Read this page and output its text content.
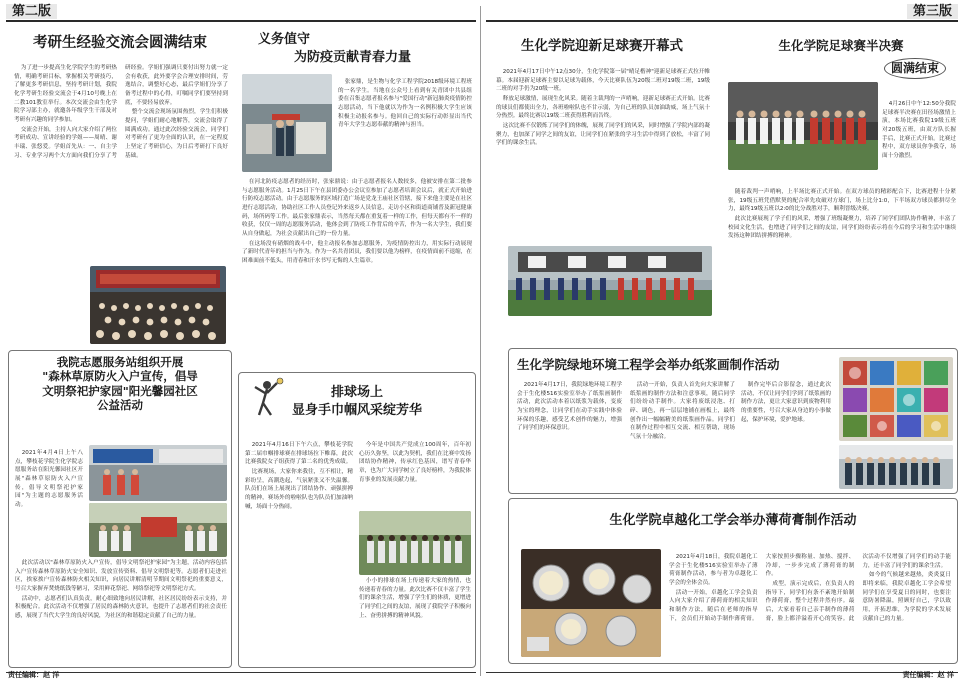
第二版	第三版
考研生经验交流会圆满结束

为了进一步提高生化学院学生的考研热情，明确考研目标，掌握相关考研技巧，了解更多考研信息，坚持考研计划，我院化学考研生经验交流会于4月10号晚上在二教101教室举行。本次交流会由生化学院学习部主办，就邀各年级学生干部及对考研有兴趣的同学参加。

交流会开始，主持人向大家介绍了两位考研成功、宣讲经验的学姐——周晴、谢丰瑞、张悠爱。学姐首先从：一、自主学习、专业学习两个大方面向我们分享了考研经验。学姐们强调只要付出努力就一定会有收获，此外要学会合理安排时间，劳逸结合，调整好心态，最后学姐们分享了备考过程中的心得，叮嘱同学们要坚持到底，不要轻易放弃。

整个交流会现场氛围热烈，学生们积极提问，学姐们耐心地解答，交流会取得了圆满成功。通过此次经验交流会，同学们对考研有了更为全面的认识，在一定程度上坚定了考研信心，为日后考研打下良好基础。

义务值守
为防疫贡献青春力量

张家鼎，是生物与化学工程学院2018级环境工程班的一名学生。当地在公众号上看到有关青团中共县组委在召集志愿者报名参与"爱国行动"新冠肺炎疫情防控志愿活动，当下他就以为作为一名例积极大学生应该积极主动报名参与。他回自己的实际行动彰显出当代青年大学生志愿奉献的精神与担当。

在河北防疫志愿者的经历时，张家鼎说：由于志愿者报名人数较多，他被安排在第二批参与志愿服务活动。1月25日下午在县团委办公会议室参加了志愿者培训会议后，就正式开始进行防疫志愿活动。由于志愿服务的区域打造广场是党龙王庙社区管辖，接下来他主要是在社区进行志愿活动，协助社区工作人员登记外来返乡人员信息，走访小区和街道商铺普及新冠健康码，场所码等工作。最后张家鼎表示，当然每天都在重复着一样的工作，但每天都有不一样的收获，仅仅一周的志愿服务活动，他体会到了防疫工作背后的辛苦，作为一名大学生，我们要从自身做起，为社会贡献出自己的一份力量。

在这场没有硝烟的战斗中，他主动报名参加志愿服务，为疫情防控出力，用实际行动展现了新时代青年的担当与作为。作为一名共青团员，我们要以他为榜样，在疫情面前不退缩，在困难面前不低头，用青春和汗水书写无悔的人生篇章。

我院志愿服务站组织开展
"森林草原防火入户宣传，倡导
文明祭祀护家园"阳光馨园社区
公益活动

2021年4月4日上午八点，攀枝花学院生化学院志愿服务站在阳光馨园社区开展"森林草原防火入户宣传，倡导文明祭祀护家园"为主题的志愿服务活动。

此次活动以"森林草原防火入户宣传，倡导文明祭祀护家园"为主题，活动内容包括入户宣传森林草原防火安全知识、发放宣传资料、倡导文明祭祀等。志愿者们走进社区，挨家挨户宣传森林防火相关知识，向居民讲解清明节期间文明祭祀的重要意义，号召大家摒弃焚烧纸钱等陋习，采用鲜花祭祀、网络祭祀等文明祭祀方式。

活动中，志愿者们认真负责，耐心细致地向居民讲解，社区居民纷纷表示支持，并积极配合。此次活动不仅增强了居民的森林防火意识，也提升了志愿者们的社会责任感，展现了当代大学生的良好风貌，为社区的和谐稳定贡献了自己的力量。

排球场上
显身手巾帼风采绽芳华

2021年4月16日下午六点，攀枝花学院第二届巾帼排球赛在排球场拉下帷幕，此次比赛我院女子组获得了第二名的优秀成绩。

比赛现场，大家你来我往，互不相让，精彩纷呈，高潮迭起，气氛紧张又不失温馨。队员们在场上展现出了团结协作、顽强拼搏的精神，赛场外的啦啦队也为队员们加油呐喊，场面十分热闹。

今年是中国共产党成立100周年，百年初心历久弥坚，以此为契机，我们在比赛中发扬团结协作精神，传承红色基因，谱写青春华章，也为广大同学树立了良好榜样，为我院体育事业的发展贡献力量。

小小的排球在场上传递着大家的热情，也传递着青春的力量。此次比赛不仅丰富了学生们的课余生活，增强了学生们的体质，更增进了同学们之间的友谊，展现了我院学子积极向上、奋勇拼搏的精神风貌。

责任编辑：赵 洋
生化学院迎新足球赛开幕式

2021年4月17日中午12点30分，生化学院第一届"晴足楷神"迎新足球赛正式拉开帷幕。本届迎新足球赛主要以足球为载体，今天比赛队伍为20级二班对19级二班，19级二班的对手仍为20级一班。

释放足球激情，展现生化风采。随着主裁判的一声哨响，迎新足球赛正式开始。比赛的球员们都使出全力，各班啦啦队也不甘示弱，为自己班的队员加油助威，场上气氛十分热烈。最终比赛以19级二班获得胜利而告终。

这次比赛不仅锻炼了同学们的体魄，展现了同学们的风采，同时增强了学院内部的凝聚力，也加深了同学之间的友谊，让同学们在紧张的学习生活中得到了放松，丰富了同学们的课余生活。

生化学院足球赛半决赛
圆满结束

4月26日中午12:50分我院足球赛半决赛在田径场激情上演，本场比赛我院19级五班对20级五班，由双方队长握手后，比赛正式开始。比赛过程中，双方球员你争我夺，场面十分激烈。

随着裁判一声哨响，上半场比赛正式开始。在双方球员的精彩配合下，比赛进程十分紧张，19级五班凭借默契的配合率先攻破对方球门，场上比分1:0，下半场双方球员都拼尽全力，最终19级五班以2:0的比分战胜对手，顺利晋级决赛。

此次比赛展现了学子们的风采，增强了班级凝聚力，培养了同学们团队协作精神，丰富了校园文化生活，也增进了同学们之间的友谊，同学们纷纷表示将在今后的学习和生活中继续发扬这种团结拼搏的精神。

生化学院绿地环境工程学会举办纸浆画制作活动

2021年4月17日，我院绿地环境工程学会于生化楼516实验室举办了纸浆画制作活动，此次活动本着以纸浆为载体，变废为宝的理念，让同学们在动手实践中体验环保的乐趣，感受艺术创作的魅力，增强了同学们的环保意识。

活动一开始，负责人首先向大家讲解了纸浆画的制作方法和注意事项，随后同学们纷纷动手制作。大家将废纸浸泡、打碎、调色，再一层层地铺在画板上，最终创作出一幅幅精美的纸浆画作品。同学们在制作过程中相互交流、相互帮助，现场气氛十分融洽。

制作完毕后合影留念，通过此次活动，不仅让同学们学到了纸浆画的制作方法，更让大家意识到废物利用的重要性，号召大家从身边的小事做起，保护环境，爱护地球。

生化学院卓越化工学会举办薄荷膏制作活动

2021年4月18日，我院卓越化工学会于生化楼516实验室举办了薄荷膏制作活动，参与者为卓越化工学会的全体会员。

活动一开始，卓越化工学会负责人向大家介绍了薄荷膏的相关知识和制作方法，随后在老师的指导下，会员们开始动手制作薄荷膏。大家按照步骤称量、加热、搅拌、冷却，一步步完成了薄荷膏的制作。

成型，演示完成后，在负责人的指导下，同学们有条不紊地开始制作薄荷膏，整个过程井然有序。最后，大家看着自己亲手制作的薄荷膏，脸上都洋溢着开心的笑容。此次活动不仅增强了同学们的动手能力，还丰富了同学们的课余生活。

如今的气候越来越热，炎炎夏日即将来临，我院卓越化工学会希望同学们在享受夏日的同时，也要注意防暑降温，照顾好自己，学以致用，开拓思维，为学院的学术发展贡献自己的力量。

责任编辑：赵 洋
